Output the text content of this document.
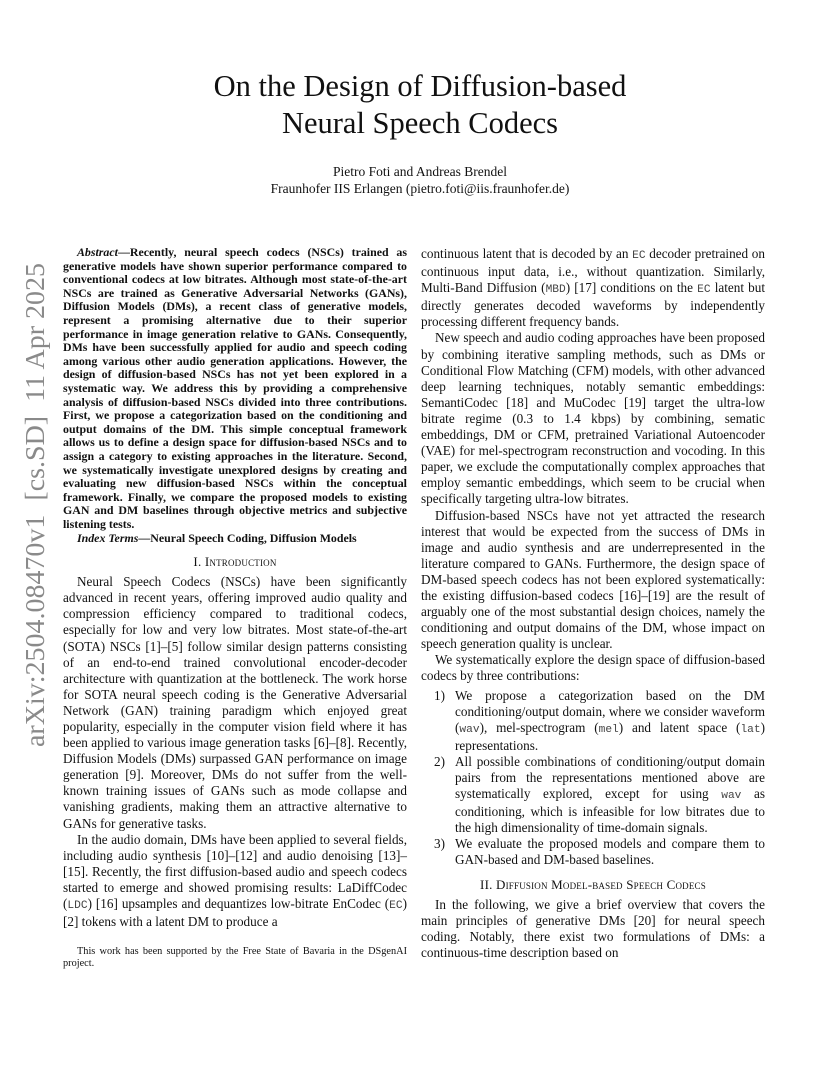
arXiv:2504.08470v1  [cs.SD]  11 Apr 2025
On the Design of Diffusion-based
Neural Speech Codecs
Pietro Foti and Andreas Brendel
Fraunhofer IIS Erlangen (pietro.foti@iis.fraunhofer.de)

Abstract—Recently, neural speech codecs (NSCs) trained as generative models have shown superior performance compared to conventional codecs at low bitrates. Although most state-of-the-art NSCs are trained as Generative Adversarial Networks (GANs), Diffusion Models (DMs), a recent class of generative models, represent a promising alternative due to their superior performance in image generation relative to GANs. Consequently, DMs have been successfully applied for audio and speech coding among various other audio generation applications. However, the design of diffusion-based NSCs has not yet been explored in a systematic way. We address this by providing a comprehensive analysis of diffusion-based NSCs divided into three contributions. First, we propose a categorization based on the conditioning and output domains of the DM. This simple conceptual framework allows us to define a design space for diffusion-based NSCs and to assign a category to existing approaches in the literature. Second, we systematically investigate unexplored designs by creating and evaluating new diffusion-based NSCs within the conceptual framework. Finally, we compare the proposed models to existing GAN and DM baselines through objective metrics and subjective listening tests.

Index Terms—Neural Speech Coding, Diffusion Models

I. Introduction

Neural Speech Codecs (NSCs) have been significantly advanced in recent years, offering improved audio quality and compression efficiency compared to traditional codecs, especially for low and very low bitrates. Most state-of-the-art (SOTA) NSCs [1]–[5] follow similar design patterns consisting of an end-to-end trained convolutional encoder-decoder architecture with quantization at the bottleneck. The work horse for SOTA neural speech coding is the Generative Adversarial Network (GAN) training paradigm which enjoyed great popularity, especially in the computer vision field where it has been applied to various image generation tasks [6]–[8]. Recently, Diffusion Models (DMs) surpassed GAN performance on image generation [9]. Moreover, DMs do not suffer from the well-known training issues of GANs such as mode collapse and vanishing gradients, making them an attractive alternative to GANs for generative tasks.

In the audio domain, DMs have been applied to several fields, including audio synthesis [10]–[12] and audio denoising [13]–[15]. Recently, the first diffusion-based audio and speech codecs started to emerge and showed promising results: LaDiffCodec (LDC) [16] upsamples and dequantizes low-bitrate EnCodec (EC) [2] tokens with a latent DM to produce a

This work has been supported by the Free State of Bavaria in the DSgenAI project.

continuous latent that is decoded by an EC decoder pretrained on continuous input data, i.e., without quantization. Similarly, Multi-Band Diffusion (MBD) [17] conditions on the EC latent but directly generates decoded waveforms by independently processing different frequency bands.

New speech and audio coding approaches have been proposed by combining iterative sampling methods, such as DMs or Conditional Flow Matching (CFM) models, with other advanced deep learning techniques, notably semantic embeddings: SemantiCodec [18] and MuCodec [19] target the ultra-low bitrate regime (0.3 to 1.4 kbps) by combining, sematic embeddings, DM or CFM, pretrained Variational Autoencoder (VAE) for mel-spectrogram reconstruction and vocoding. In this paper, we exclude the computationally complex approaches that employ semantic embeddings, which seem to be crucial when specifically targeting ultra-low bitrates.

Diffusion-based NSCs have not yet attracted the research interest that would be expected from the success of DMs in image and audio synthesis and are underrepresented in the literature compared to GANs. Furthermore, the design space of DM-based speech codecs has not been explored systematically: the existing diffusion-based codecs [16]–[19] are the result of arguably one of the most substantial design choices, namely the conditioning and output domains of the DM, whose impact on speech generation quality is unclear.

We systematically explore the design space of diffusion-based codecs by three contributions:

1) We propose a categorization based on the DM conditioning/output domain, where we consider waveform (wav), mel-spectrogram (mel) and latent space (lat) representations.
2) All possible combinations of conditioning/output domain pairs from the representations mentioned above are systematically explored, except for using wav as conditioning, which is infeasible for low bitrates due to the high dimensionality of time-domain signals.
3) We evaluate the proposed models and compare them to GAN-based and DM-based baselines.

II. Diffusion Model-based Speech Codecs

In the following, we give a brief overview that covers the main principles of generative DMs [20] for neural speech coding. Notably, there exist two formulations of DMs: a continuous-time description based on
